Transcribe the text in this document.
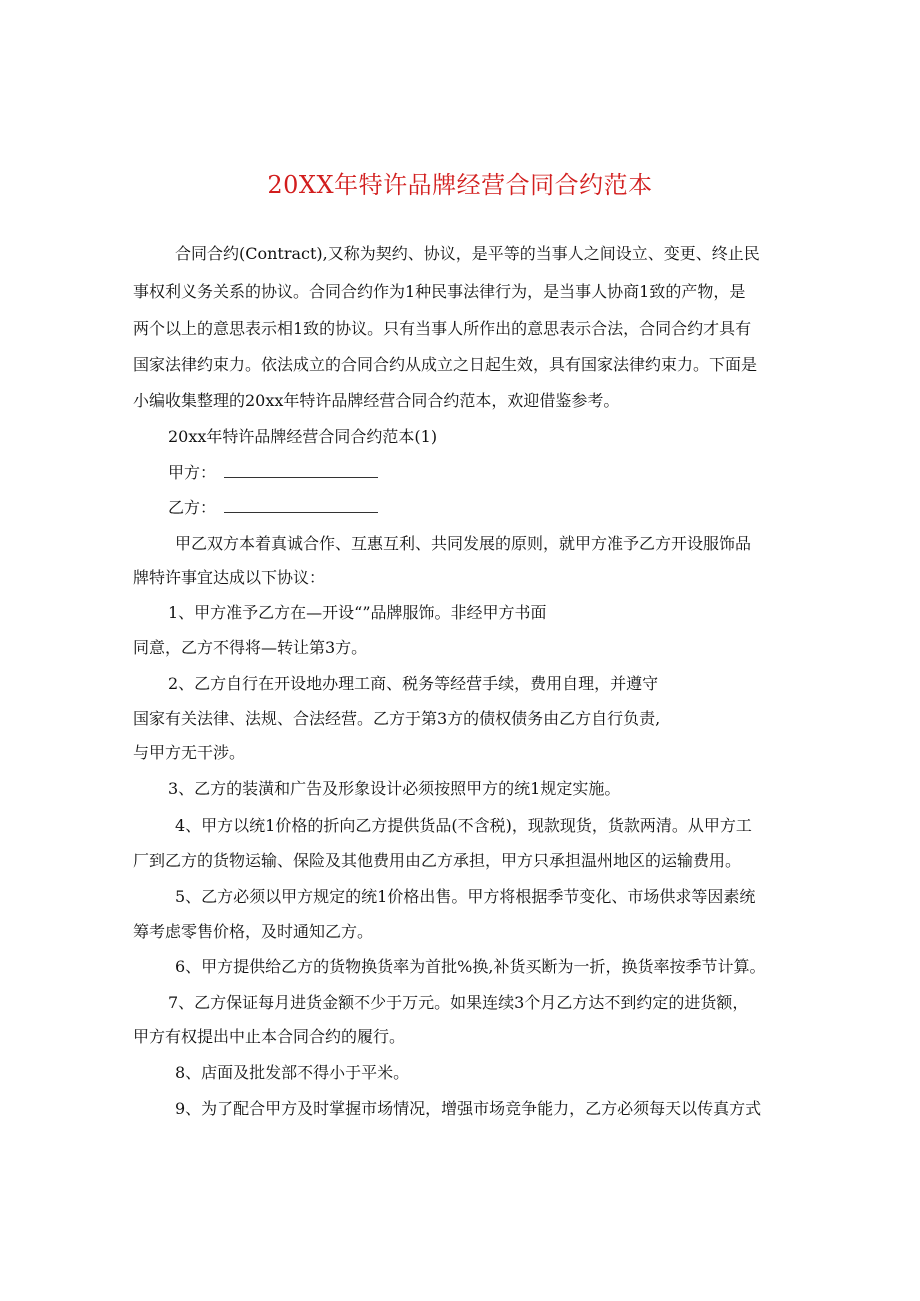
20XX年特许品牌经营合同合约范本
合同合约(Contract),又称为契约、协议，是平等的当事人之间设立、变更、终止民
事权利义务关系的协议。合同合约作为1种民事法律行为，是当事人协商1致的产物，是
两个以上的意思表示相1致的协议。只有当事人所作出的意思表示合法，合同合约才具有
国家法律约束力。依法成立的合同合约从成立之日起生效，具有国家法律约束力。下面是
小编收集整理的20xx年特许品牌经营合同合约范本，欢迎借鉴参考。
20xx年特许品牌经营合同合约范本(1)
甲方：
乙方：
甲乙双方本着真诚合作、互惠互利、共同发展的原则，就甲方准予乙方开设服饰品
牌特许事宜达成以下协议：
1、甲方准予乙方在—开设“”品牌服饰。非经甲方书面
同意，乙方不得将—转让第3方。
2、乙方自行在开设地办理工商、税务等经营手续，费用自理，并遵守
国家有关法律、法规、合法经营。乙方于第3方的债权债务由乙方自行负责,
与甲方无干涉。
3、乙方的装潢和广告及形象设计必须按照甲方的统1规定实施。
4、甲方以统1价格的折向乙方提供货品(不含税)，现款现货，货款两清。从甲方工
厂到乙方的货物运输、保险及其他费用由乙方承担，甲方只承担温州地区的运输费用。
5、乙方必须以甲方规定的统1价格出售。甲方将根据季节变化、市场供求等因素统
筹考虑零售价格，及时通知乙方。
6、甲方提供给乙方的货物换货率为首批%换,补货买断为一折，换货率按季节计算。
7、乙方保证每月进货金额不少于万元。如果连续3个月乙方达不到约定的进货额，
甲方有权提出中止本合同合约的履行。
8、店面及批发部不得小于平米。
9、为了配合甲方及时掌握市场情况，增强市场竞争能力，乙方必须每天以传真方式
